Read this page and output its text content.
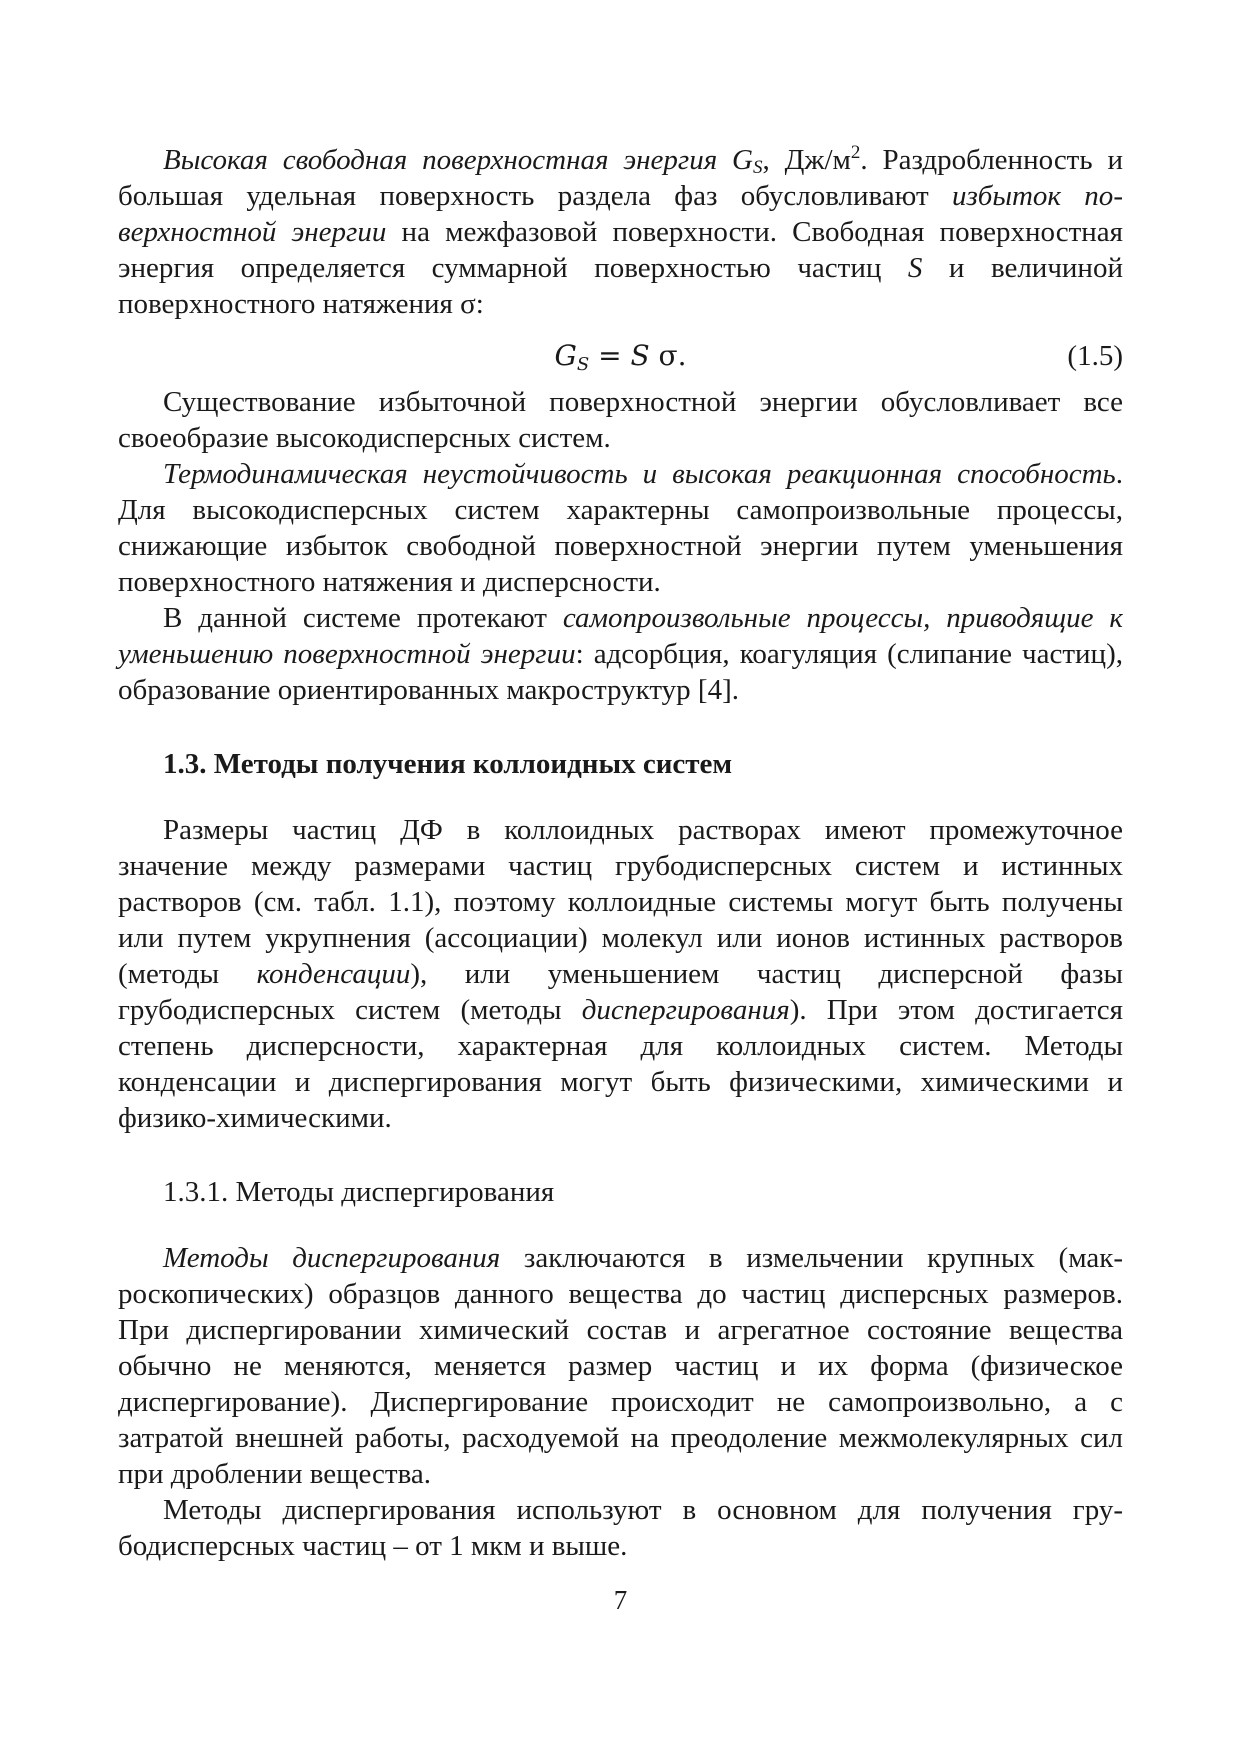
Высокая свободная поверхностная энергия $G_S$, $Дж/м^2$. Раздробленность и большая удельная поверхность раздела фаз обусловливают избыток поверхностной энергии на межфазовой поверхности. Свободная поверхностная энергия определяется суммарной поверхностью частиц S и величиной поверхностного натяжения σ:

$G_S = S$ σ.	(1.5)

Существование избыточной поверхностной энергии обусловливает все своеобразие высокодисперсных систем.

Термодинамическая неустойчивость и высокая реакционная способность. Для высокодисперсных систем характерны самопроизвольные процессы, снижающие избыток свободной поверхностной энергии путем уменьшения поверхностного натяжения и дисперсности.

В данной системе протекают самопроизвольные процессы, приводящие к уменьшению поверхностной энергии: адсорбция, коагуляция (слипание частиц), образование ориентированных макроструктур [4].

1.3. Методы получения коллоидных систем

Размеры частиц ДФ в коллоидных растворах имеют промежуточное значение между размерами частиц грубодисперсных систем и истинных растворов (см. табл. 1.1), поэтому коллоидные системы могут быть получены или путем укрупнения (ассоциации) молекул или ионов истинных растворов (методы конденсации), или уменьшением частиц дисперсной фазы грубодисперсных систем (методы диспергирования). При этом достигается степень дисперсности, характерная для коллоидных систем. Методы конденсации и диспергирования могут быть физическими, химическими и физико-химическими.

1.3.1. Методы диспергирования

Методы диспергирования заключаются в измельчении крупных (макроскопических) образцов данного вещества до частиц дисперсных размеров. При диспергировании химический состав и агрегатное состояние вещества обычно не меняются, меняется размер частиц и их форма (физическое диспергирование). Диспергирование происходит не самопроизвольно, а с затратой внешней работы, расходуемой на преодоление межмолекулярных сил при дроблении вещества.

Методы диспергирования используют в основном для получения грубодисперсных частиц – от 1 мкм и выше.

7
